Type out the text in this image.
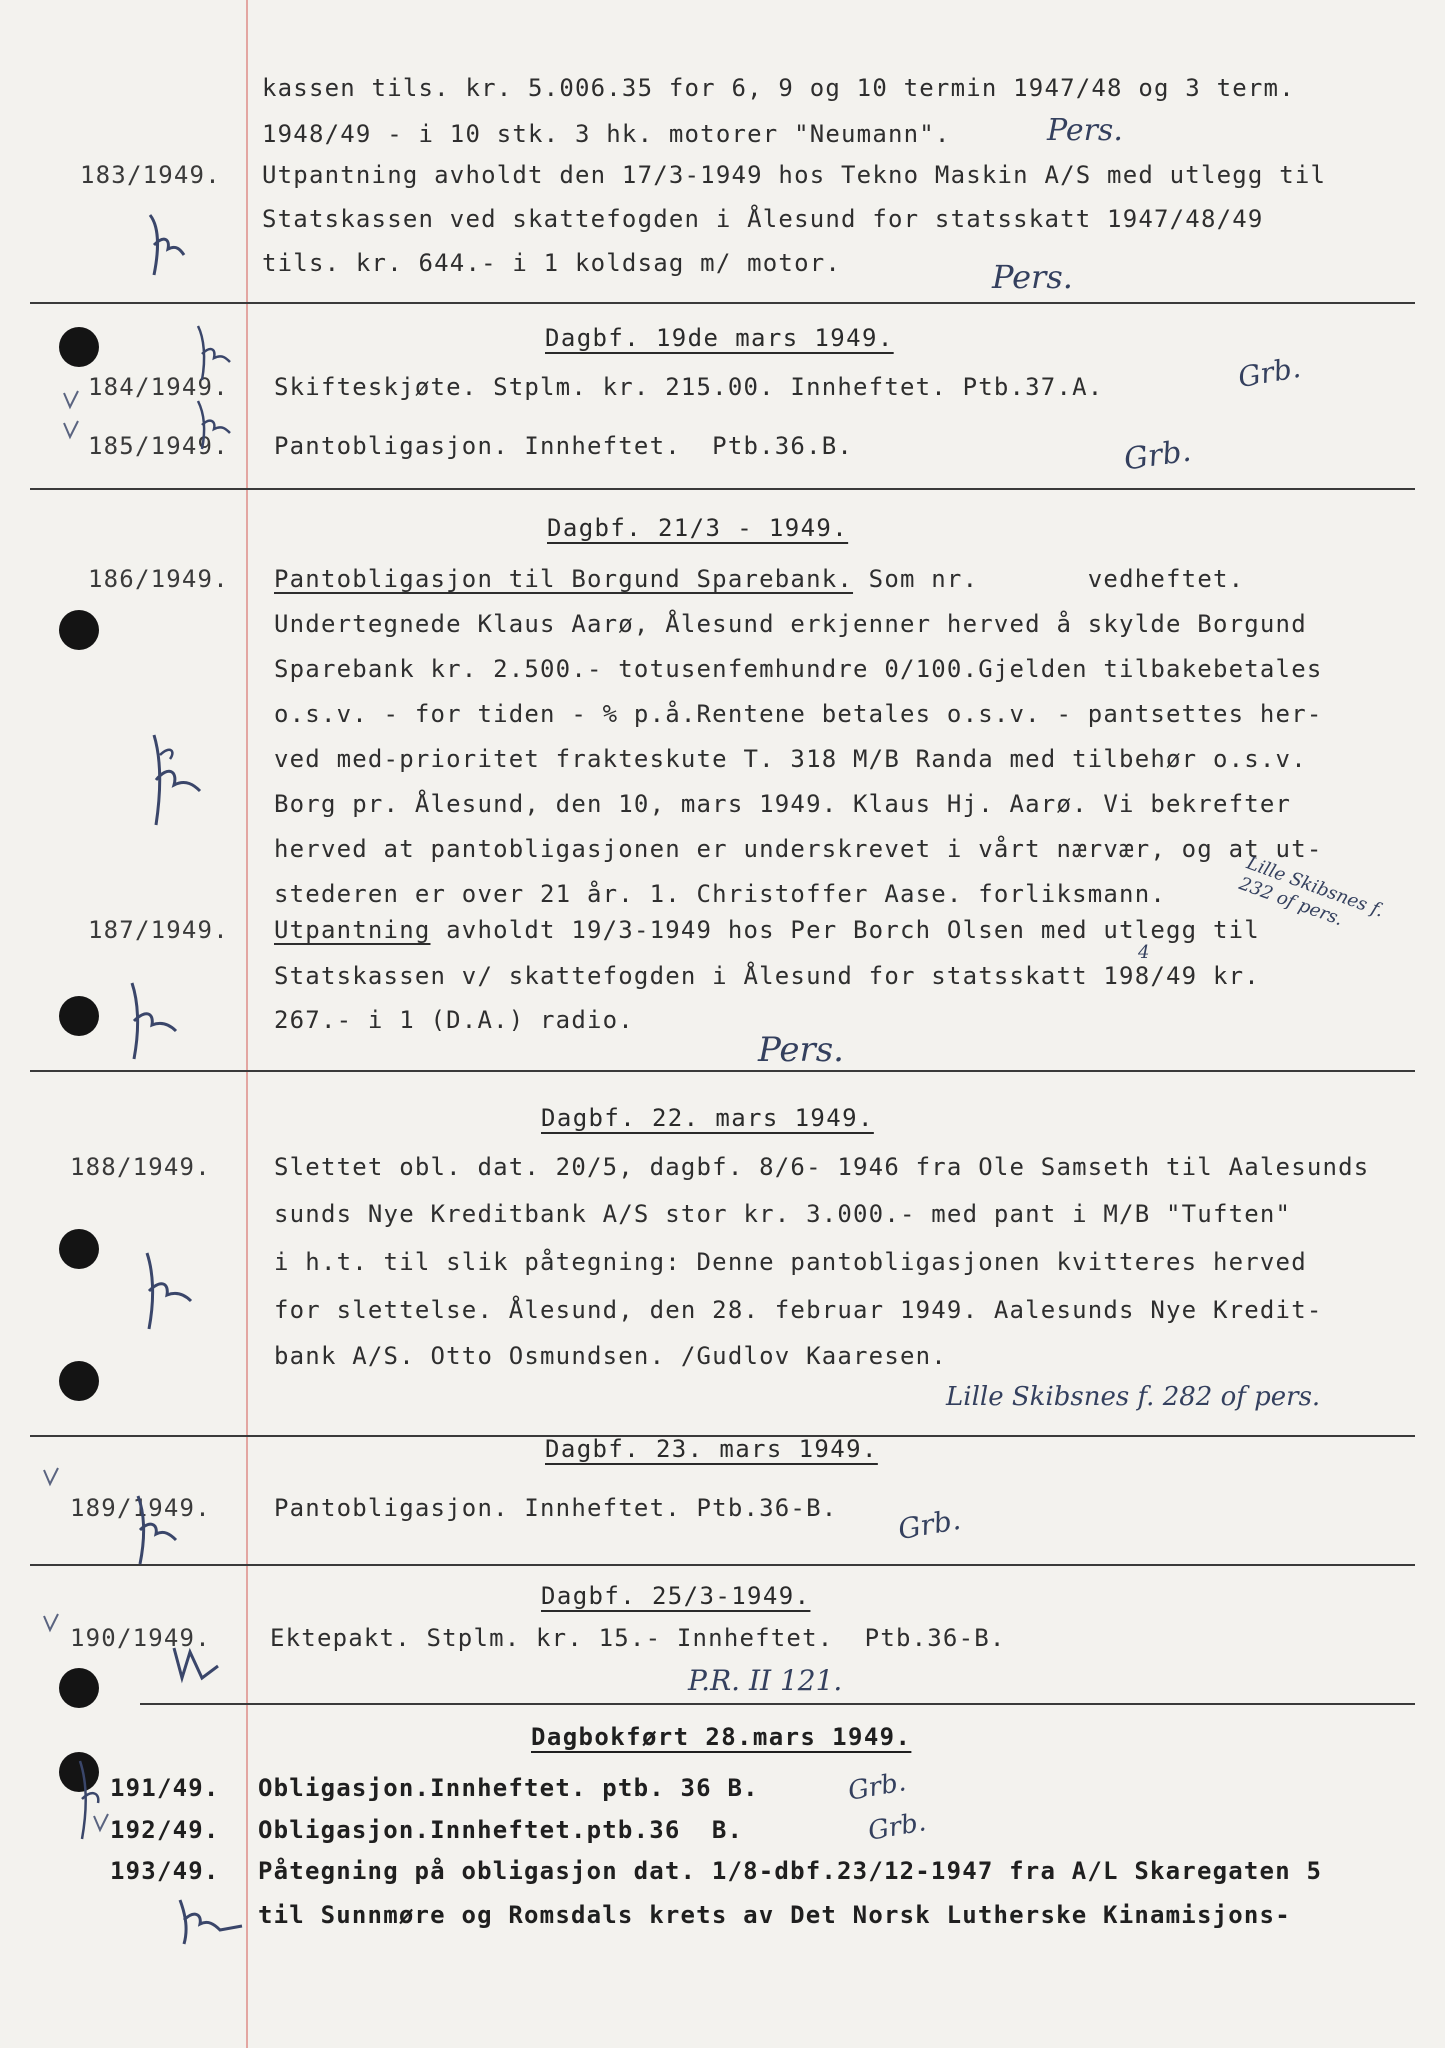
kassen tils. kr. 5.006.35 for 6, 9 og 10 termin 1947/48 og 3 term.
1948/49 - i 10 stk. 3 hk. motorer "Neumann".
183/1949. Utpantning avholdt den 17/3-1949 hos Tekno Maskin A/S med utlegg til
Statskassen ved skattefogden i Ålesund for statsskatt 1947/48/49
tils. kr. 644.- i 1 koldsag m/ motor.
Dagbf. 19de mars 1949.
184/1949. Skifteskjøte. Stplm. kr. 215.00. Innheftet. Ptb.37.A.
185/1949. Pantobligasjon. Innheftet.  Ptb.36.B.
Dagbf. 21/3 - 1949.
186/1949. Pantobligasjon til Borgund Sparebank. Som nr.       vedheftet.
Undertegnede Klaus Aarø, Ålesund erkjenner herved å skylde Borgund
Sparebank kr. 2.500.- totusenfemhundre 0/100.Gjelden tilbakebetales
o.s.v. - for tiden - % p.å.Rentene betales o.s.v. - pantsettes her-
ved med-prioritet frakteskute T. 318 M/B Randa med tilbehør o.s.v.
Borg pr. Ålesund, den 10, mars 1949. Klaus Hj. Aarø. Vi bekrefter
herved at pantobligasjonen er underskrevet i vårt nærvær, og at ut-
stederen er over 21 år. 1. Christoffer Aase. forliksmann.
187/1949. Utpantning avholdt 19/3-1949 hos Per Borch Olsen med utlegg til
Statskassen v/ skattefogden i Ålesund for statsskatt 198/49 kr.
267.- i 1 (D.A.) radio.
Dagbf. 22. mars 1949.
188/1949.	Slettet obl. dat. 20/5, dagbf. 8/6- 1946 fra Ole Samseth til Aalesunds
sunds Nye Kreditbank A/S stor kr. 3.000.- med pant i M/B "Tuften"
i h.t. til slik påtegning: Denne pantobligasjonen kvitteres herved
for slettelse. Ålesund, den 28. februar 1949. Aalesunds Nye Kredit-
bank A/S. Otto Osmundsen. /Gudlov Kaaresen.
Dagbf. 23. mars 1949.
189/1949.	Pantobligasjon. Innheftet. Ptb.36-B.
Dagbf. 25/3-1949.
190/1949. Ektepakt. Stplm. kr. 15.- Innheftet.  Ptb.36-B.
Dagbokført 28.mars 1949.
191/49. Obligasjon.Innheftet. ptb. 36 B.
192/49. Obligasjon.Innheftet.ptb.36  B.
193/49. Påtegning på obligasjon dat. 1/8-dbf.23/12-1947 fra A/L Skaregaten 5
til Sunnmøre og Romsdals krets av Det Norsk Lutherske Kinamisjons-
Pers.
Pers.
Grb.
Grb.
Lille Skibsnes f. 232 of pers.
4
Pers.
Lille Skibsnes f. 282 of pers.
Grb.
P.R. II 121.
Grb.
Grb.
